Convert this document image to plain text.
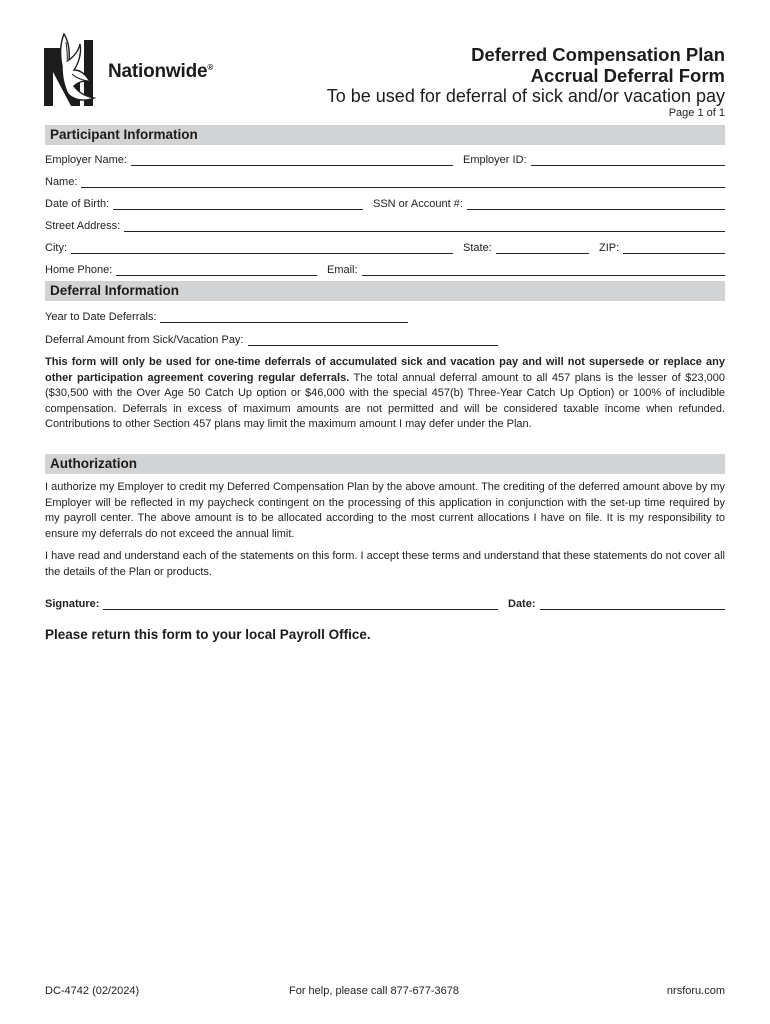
Nationwide®
Deferred Compensation Plan
Accrual Deferral Form
To be used for deferral of sick and/or vacation pay
Page 1 of 1
Participant Information
Employer Name:	Employer ID:
Name:
Date of Birth:	SSN or Account #:
Street Address:
City:	State:	ZIP:
Home Phone:	Email:
Deferral Information
Year to Date Deferrals:
Deferral Amount from Sick/Vacation Pay:
This form will only be used for one-time deferrals of accumulated sick and vacation pay and will not supersede or replace any other participation agreement covering regular deferrals. The total annual deferral amount to all 457 plans is the lesser of $23,000 ($30,500 with the Over Age 50 Catch Up option or $46,000 with the special 457(b) Three-Year Catch Up Option) or 100% of includible compensation. Deferrals in excess of maximum amounts are not permitted and will be considered taxable income when refunded. Contributions to other Section 457 plans may limit the maximum amount I may defer under the Plan.
Authorization
I authorize my Employer to credit my Deferred Compensation Plan by the above amount. The crediting of the deferred amount above by my Employer will be reflected in my paycheck contingent on the processing of this application in conjunction with the set-up time required by my payroll center. The above amount is to be allocated according to the most current allocations I have on file. It is my responsibility to ensure my deferrals do not exceed the annual limit.
I have read and understand each of the statements on this form. I accept these terms and understand that these statements do not cover all the details of the Plan or products.
Signature:	Date:
Please return this form to your local Payroll Office.
DC-4742 (02/2024)	For help, please call 877-677-3678	nrsforu.com
